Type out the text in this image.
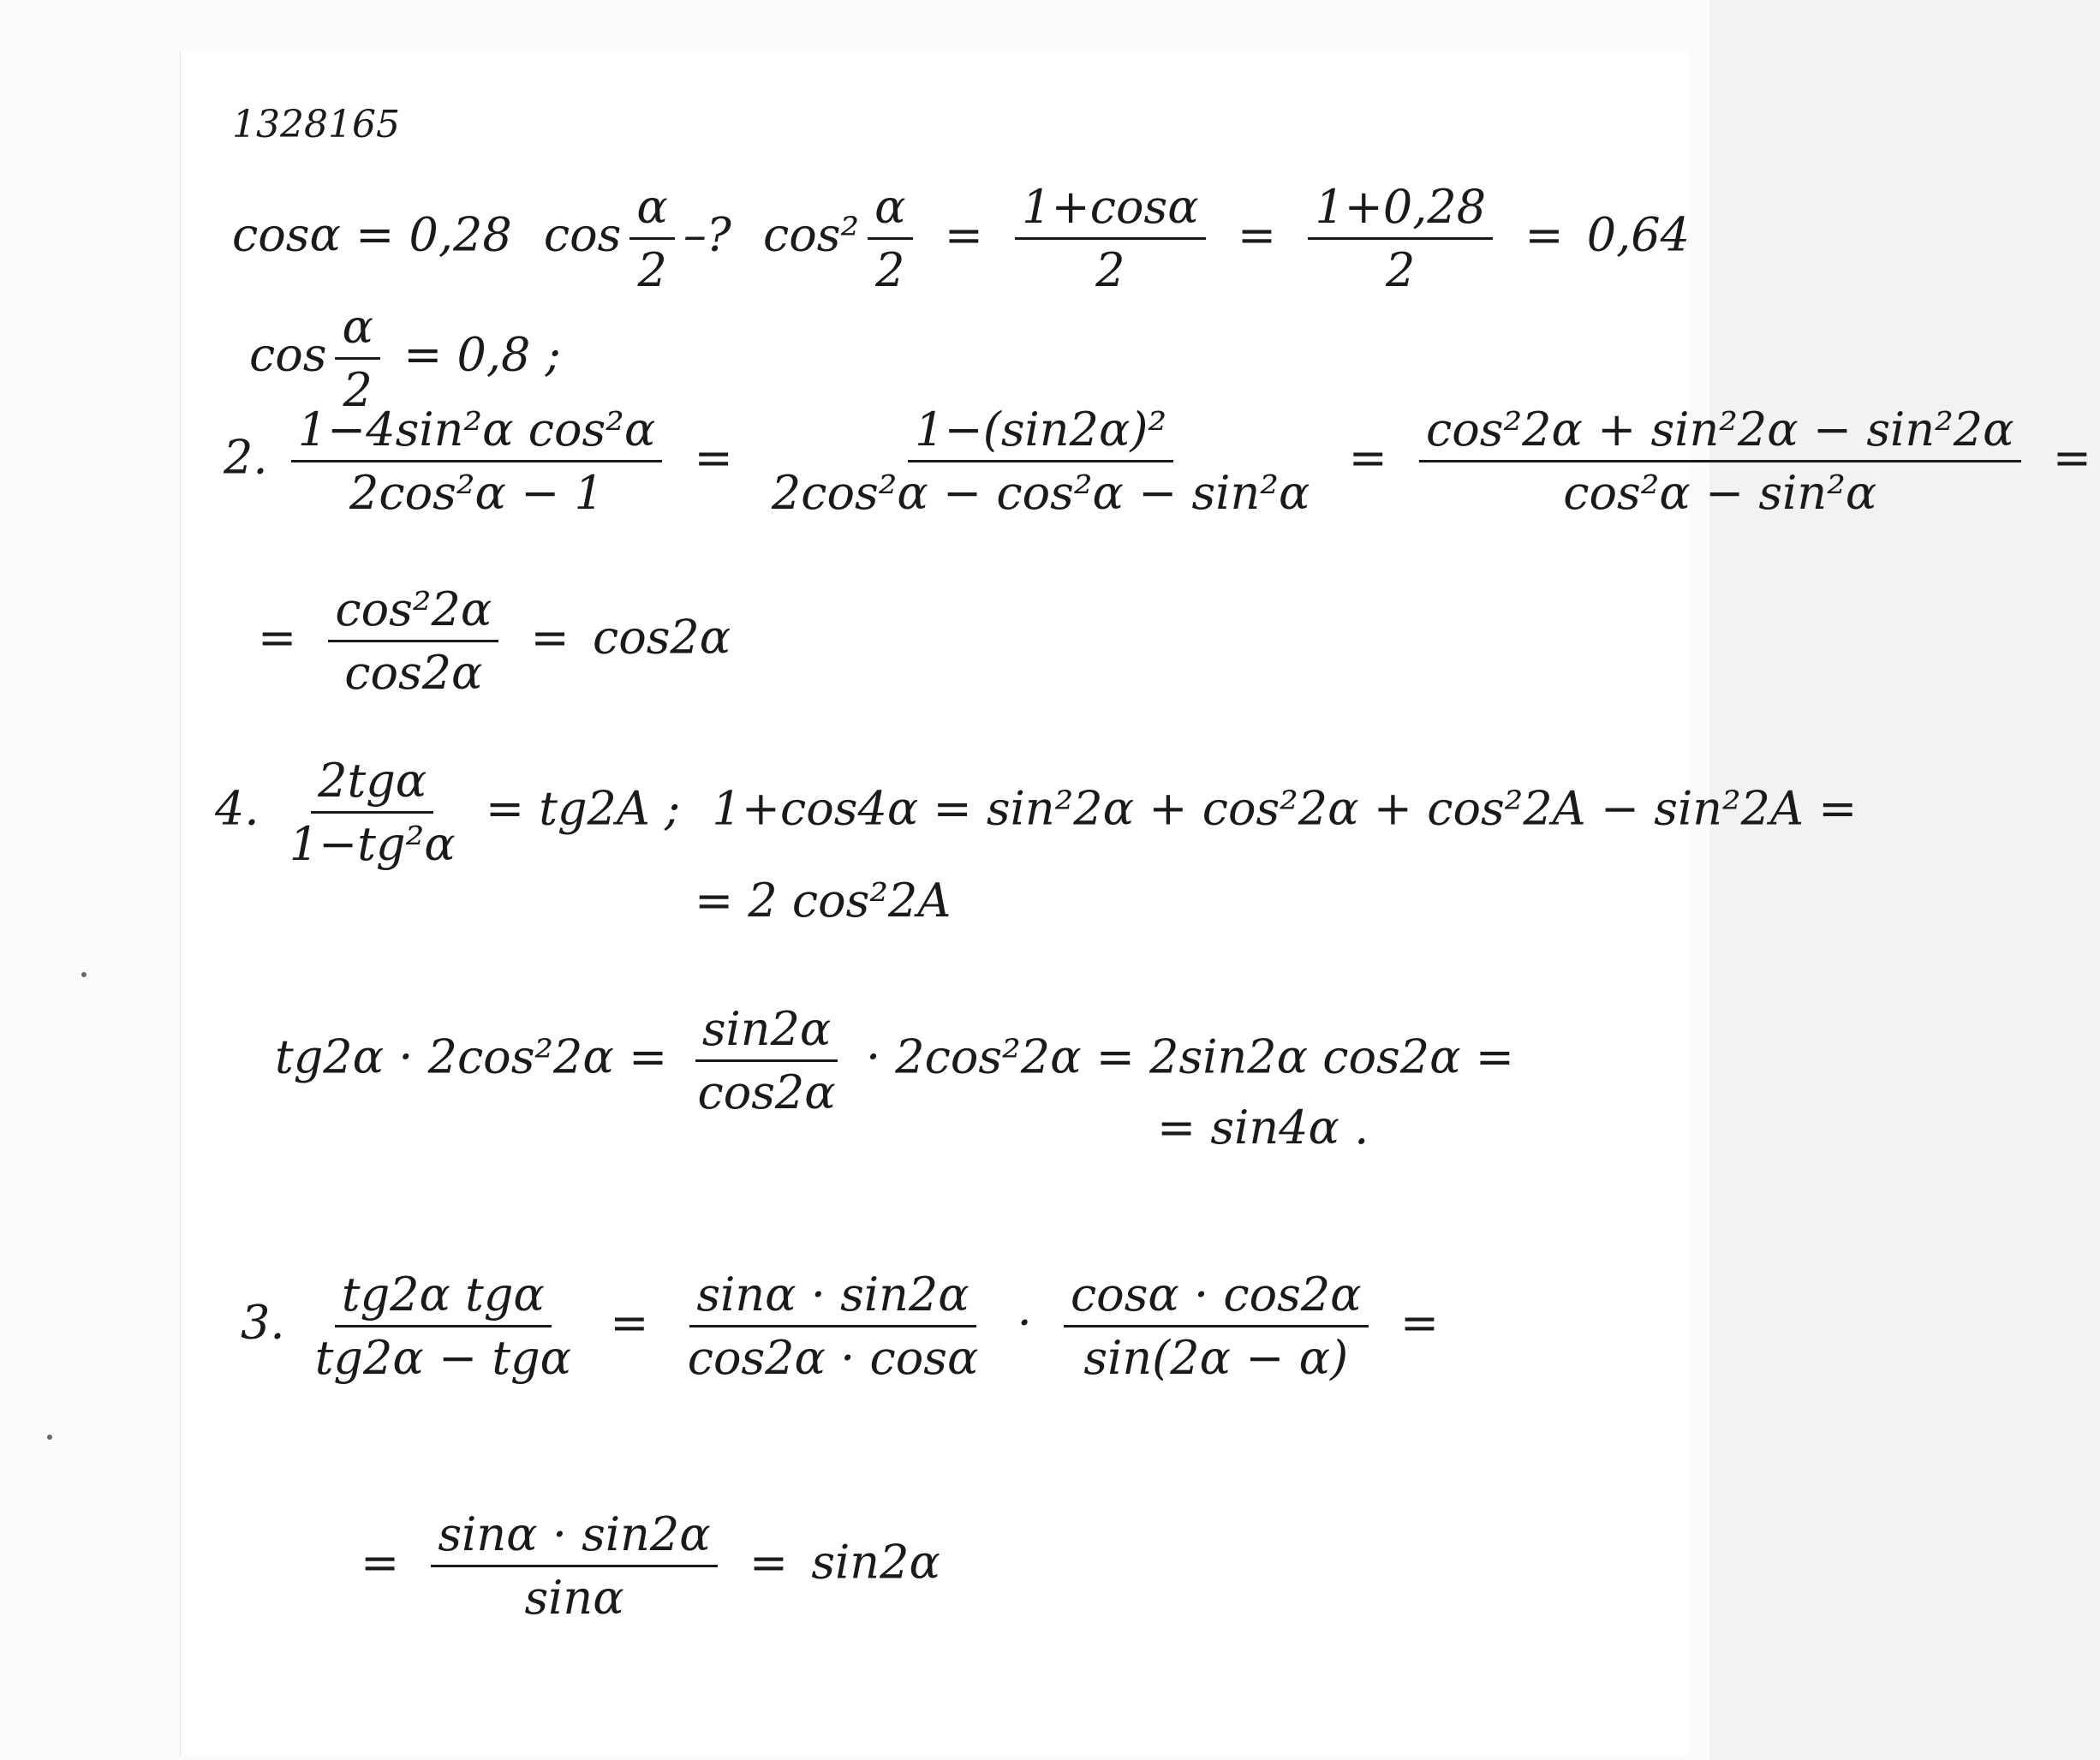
1328165
cosα = 0,28 $\cos \frac{\alpha}{2}$ –? $\cos^2 \frac{\alpha}{2} = \frac{1+\cos\alpha}{2} = \frac{1+0,28}{2} = 0,64$
$\cos \frac{\alpha}{2} = 0,8$ ;
2. $\frac{\text{1−4sin²α cos²α}}{\text{2cos²α − 1}} = \frac{\text{1−(sin2α)²}}{\text{2cos²α − cos²α − sin²α}} = \frac{\text{cos²2α + sin²2α − sin²2α}}{\text{cos²α − sin²α}}$ =
= $\frac{\text{cos²2α}}{\cos 2\alpha} = \cos 2\alpha$
4. $\frac{\text{2tgα}}{\text{1−tg²α}} = tg2A$ ; 1+cos4α = sin²2α + cos²2α + cos²2A − sin²2A =
= 2 cos²2A
$tg2\alpha \cdot 2\cos^22\alpha = \frac{\sin 2\alpha}{\cos 2\alpha} \cdot 2\cos^22\alpha = 2\sin 2\alpha$ cos2α =
= sin4α .
3. $\frac{\text{tg2α tgα}}{\text{tg2α − tgα}} = \frac{\sin\alpha \cdot \sin 2\alpha}{\cos 2\alpha \cdot \cos\alpha} \cdot \frac{\cos\alpha \cdot \cos 2\alpha}{\sin(2\alpha - \alpha)}$ =
= $\frac{\sin\alpha \cdot \sin 2\alpha}{\sin\alpha} = \sin 2\alpha$
